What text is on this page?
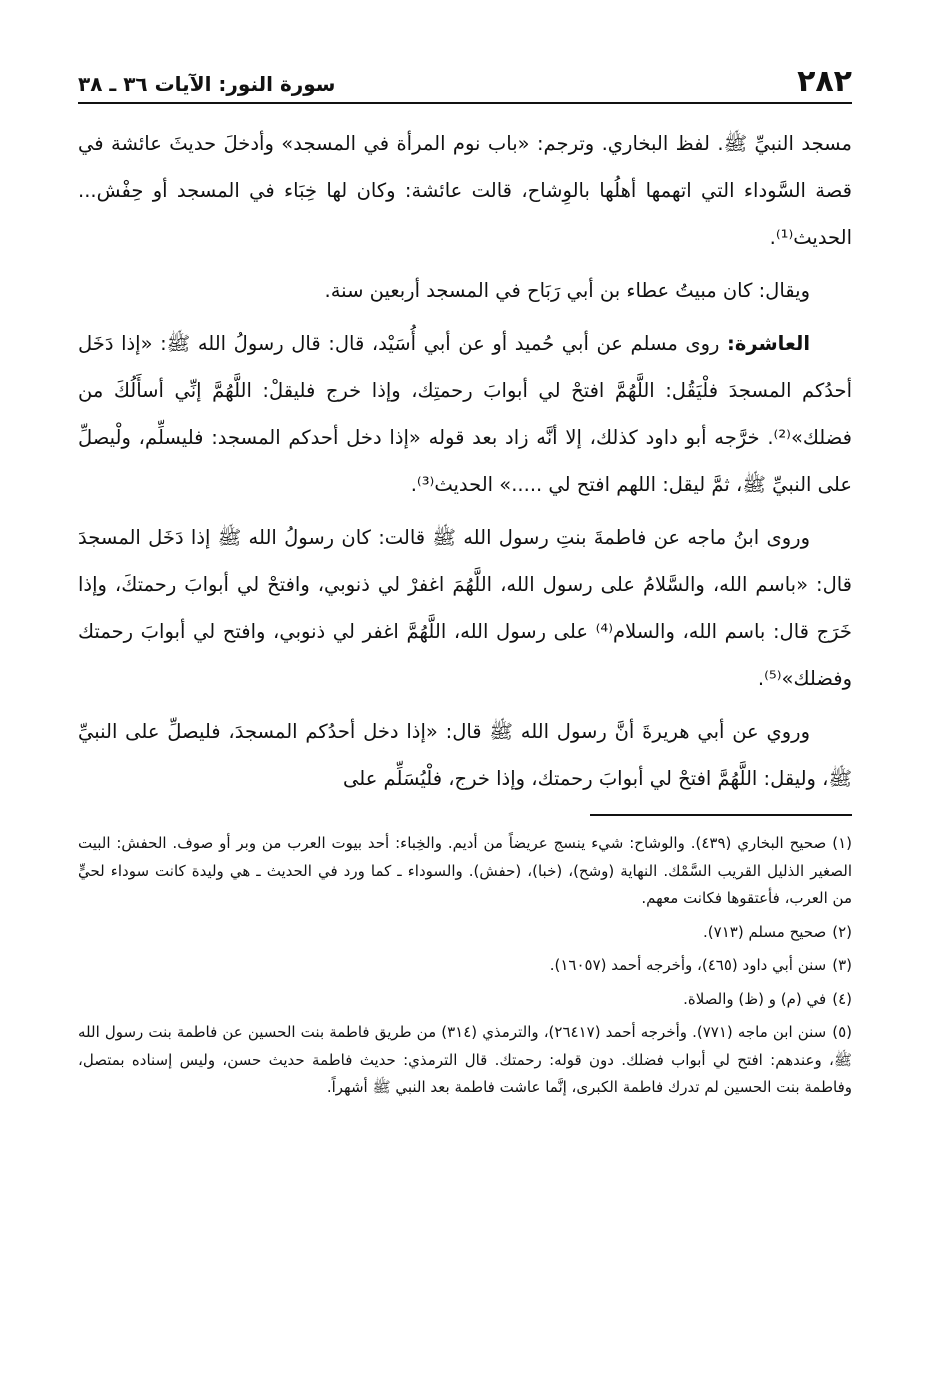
٢٨٢
سورة النور: الآيات ٣٦ ـ ٣٨

مسجد النبيِّ ﷺ. لفظ البخاري. وترجم: «باب نوم المرأة في المسجد» وأدخلَ حديثَ عائشة في قصة السَّوداء التي اتهمها أهلُها بالوِشاح، قالت عائشة: وكان لها خِبَاء في المسجد أو حِفْش... الحديث⁽¹⁾.

ويقال: كان مبيتُ عطاء بن أبي رَبَاح في المسجد أربعين سنة.

العاشرة: روى مسلم عن أبي حُميد أو عن أبي أُسَيْد، قال: قال رسولُ الله ﷺ: «إذا دَخَل أحدُكم المسجدَ فلْيَقُل: اللَّهُمَّ افتحْ لي أبوابَ رحمتِك، وإذا خرج فليقلْ: اللَّهُمَّ إنِّي أسأَلُكَ من فضلك»⁽²⁾. خرَّجه أبو داود كذلك، إلا أنَّه زاد بعد قوله «إذا دخل أحدكم المسجد: فليسلِّم، ولْيصلِّ على النبيِّ ﷺ، ثمَّ ليقل: اللهم افتح لي .....» الحديث⁽³⁾.

وروى ابنُ ماجه عن فاطمةَ بنتِ رسول الله ﷺ قالت: كان رسولُ الله ﷺ إذا دَخَل المسجدَ قال: «باسم الله، والسَّلامُ على رسول الله، اللَّهُمَ اغفرْ لي ذنوبي، وافتحْ لي أبوابَ رحمتكَ، وإذا خَرَج قال: باسم الله، والسلام⁽⁴⁾ على رسول الله، اللَّهُمَّ اغفر لي ذنوبي، وافتح لي أبوابَ رحمتك وفضلك»⁽⁵⁾.

وروي عن أبي هريرةَ أنَّ رسول الله ﷺ قال: «إذا دخل أحدُكم المسجدَ، فليصلِّ على النبيِّ ﷺ، وليقل: اللَّهُمَّ افتحْ لي أبوابَ رحمتك، وإذا خرج، فلْيُسَلِّم على

(١)صحيح البخاري (٤٣٩). والوشاح: شيء ينسج عريضاً من أديم. والخِباء: أحد بيوت العرب من وبر أو صوف. الحفش: البيت الصغير الذليل القريب السَّمْك. النهاية (وشح)، (خبا)، (حفش). والسوداء ـ كما ورد في الحديث ـ هي وليدة كانت سوداء لحيٍّ من العرب، فأعتقوها فكانت معهم.

(٢)صحيح مسلم (٧١٣).

(٣)سنن أبي داود (٤٦٥)، وأخرجه أحمد (١٦٠٥٧).

(٤)في (م) و (ظ) والصلاة.

(٥)سنن ابن ماجه (٧٧١). وأخرجه أحمد (٢٦٤١٧)، والترمذي (٣١٤) من طريق فاطمة بنت الحسين عن فاطمة بنت رسول الله ﷺ، وعندهم: افتح لي أبواب فضلك. دون قوله: رحمتك. قال الترمذي: حديث فاطمة حديث حسن، وليس إسناده بمتصل، وفاطمة بنت الحسين لم تدرك فاطمة الكبرى، إنَّما عاشت فاطمة بعد النبي ﷺ أشهراً.
